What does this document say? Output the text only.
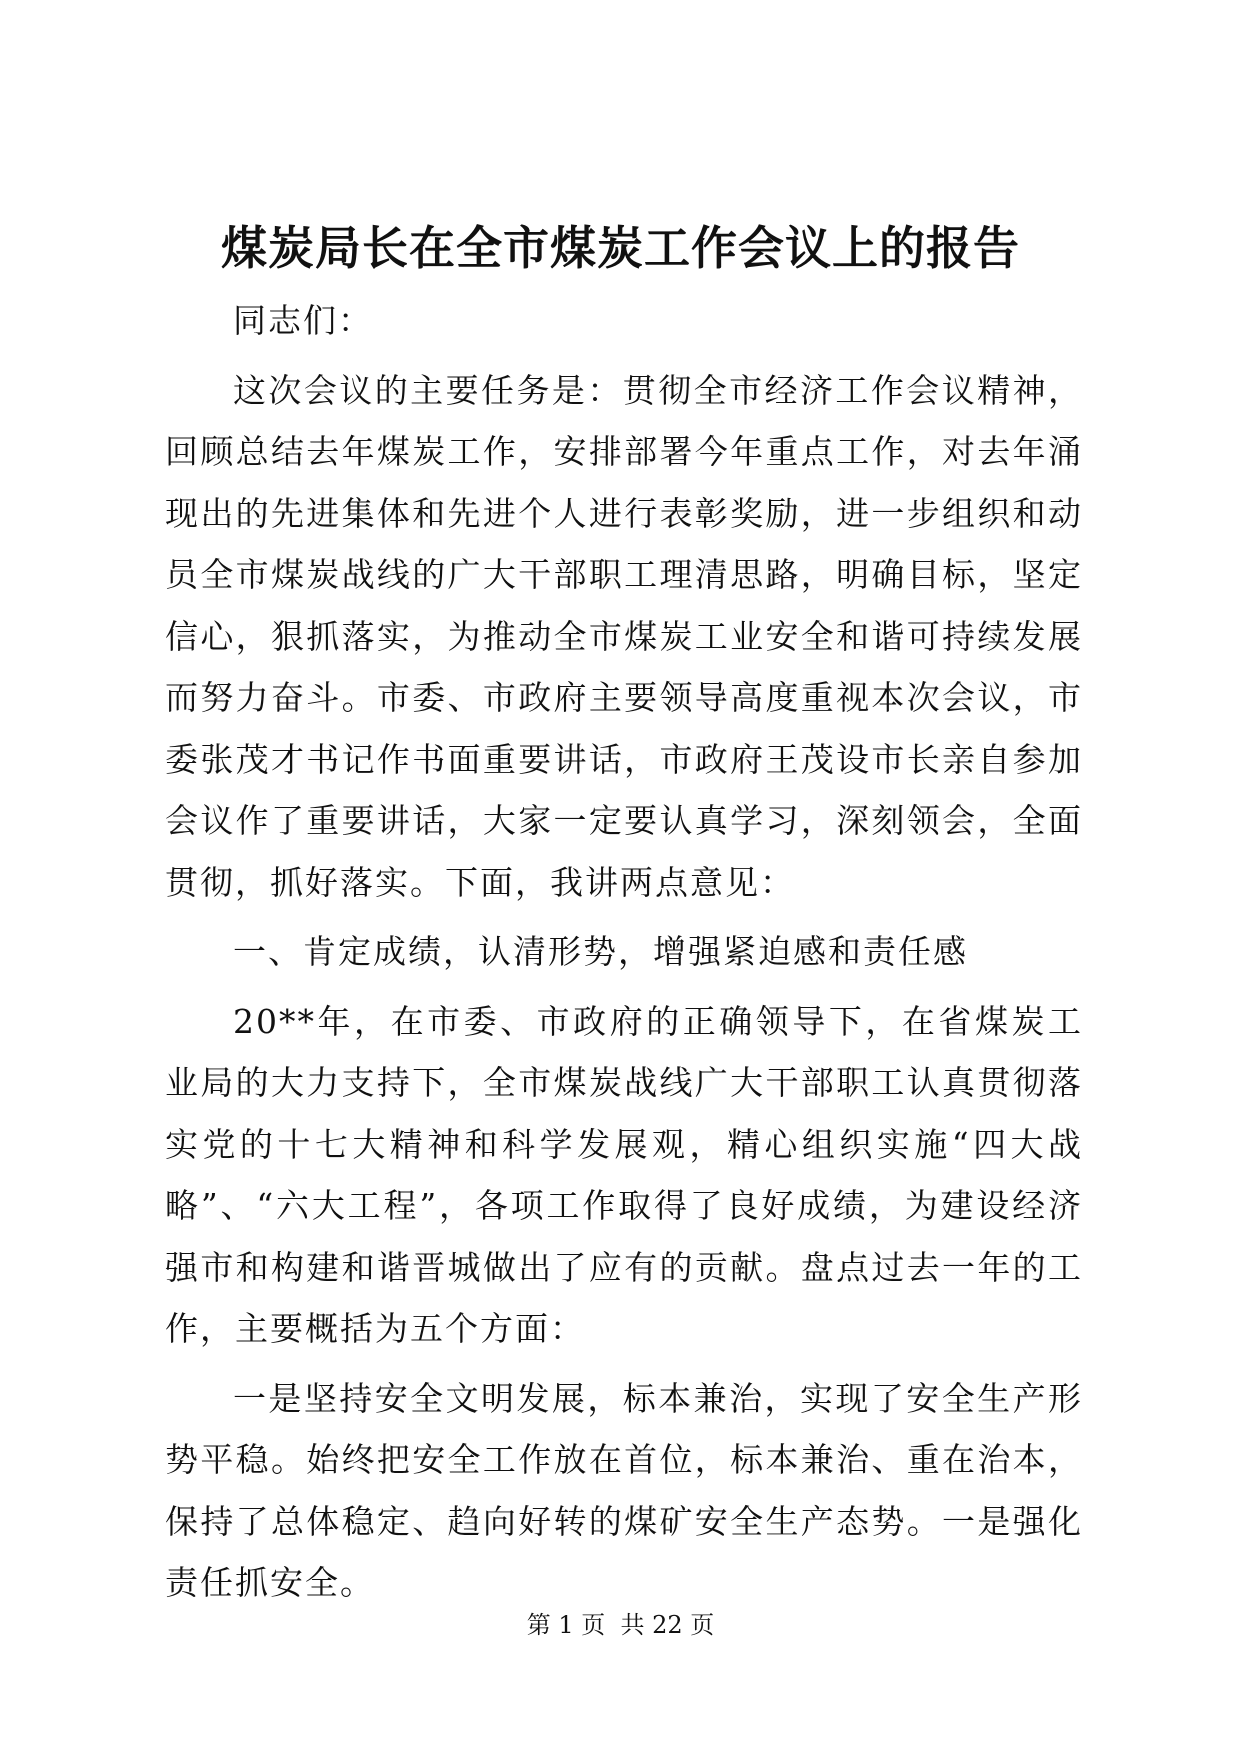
煤炭局长在全市煤炭工作会议上的报告

同志们：

这次会议的主要任务是：贯彻全市经济工作会议精神，回顾总结去年煤炭工作，安排部署今年重点工作，对去年涌现出的先进集体和先进个人进行表彰奖励，进一步组织和动员全市煤炭战线的广大干部职工理清思路，明确目标，坚定信心，狠抓落实，为推动全市煤炭工业安全和谐可持续发展而努力奋斗。市委、市政府主要领导高度重视本次会议，市委张茂才书记作书面重要讲话，市政府王茂设市长亲自参加会议作了重要讲话，大家一定要认真学习，深刻领会，全面贯彻，抓好落实。下面，我讲两点意见：

一、肯定成绩，认清形势，增强紧迫感和责任感

20**年，在市委、市政府的正确领导下，在省煤炭工业局的大力支持下，全市煤炭战线广大干部职工认真贯彻落实党的十七大精神和科学发展观，精心组织实施“四大战略”、“六大工程”，各项工作取得了良好成绩，为建设经济强市和构建和谐晋城做出了应有的贡献。盘点过去一年的工作，主要概括为五个方面：

一是坚持安全文明发展，标本兼治，实现了安全生产形势平稳。始终把安全工作放在首位，标本兼治、重在治本，保持了总体稳定、趋向好转的煤矿安全生产态势。一是强化责任抓安全。

第 1 页  共 22 页
